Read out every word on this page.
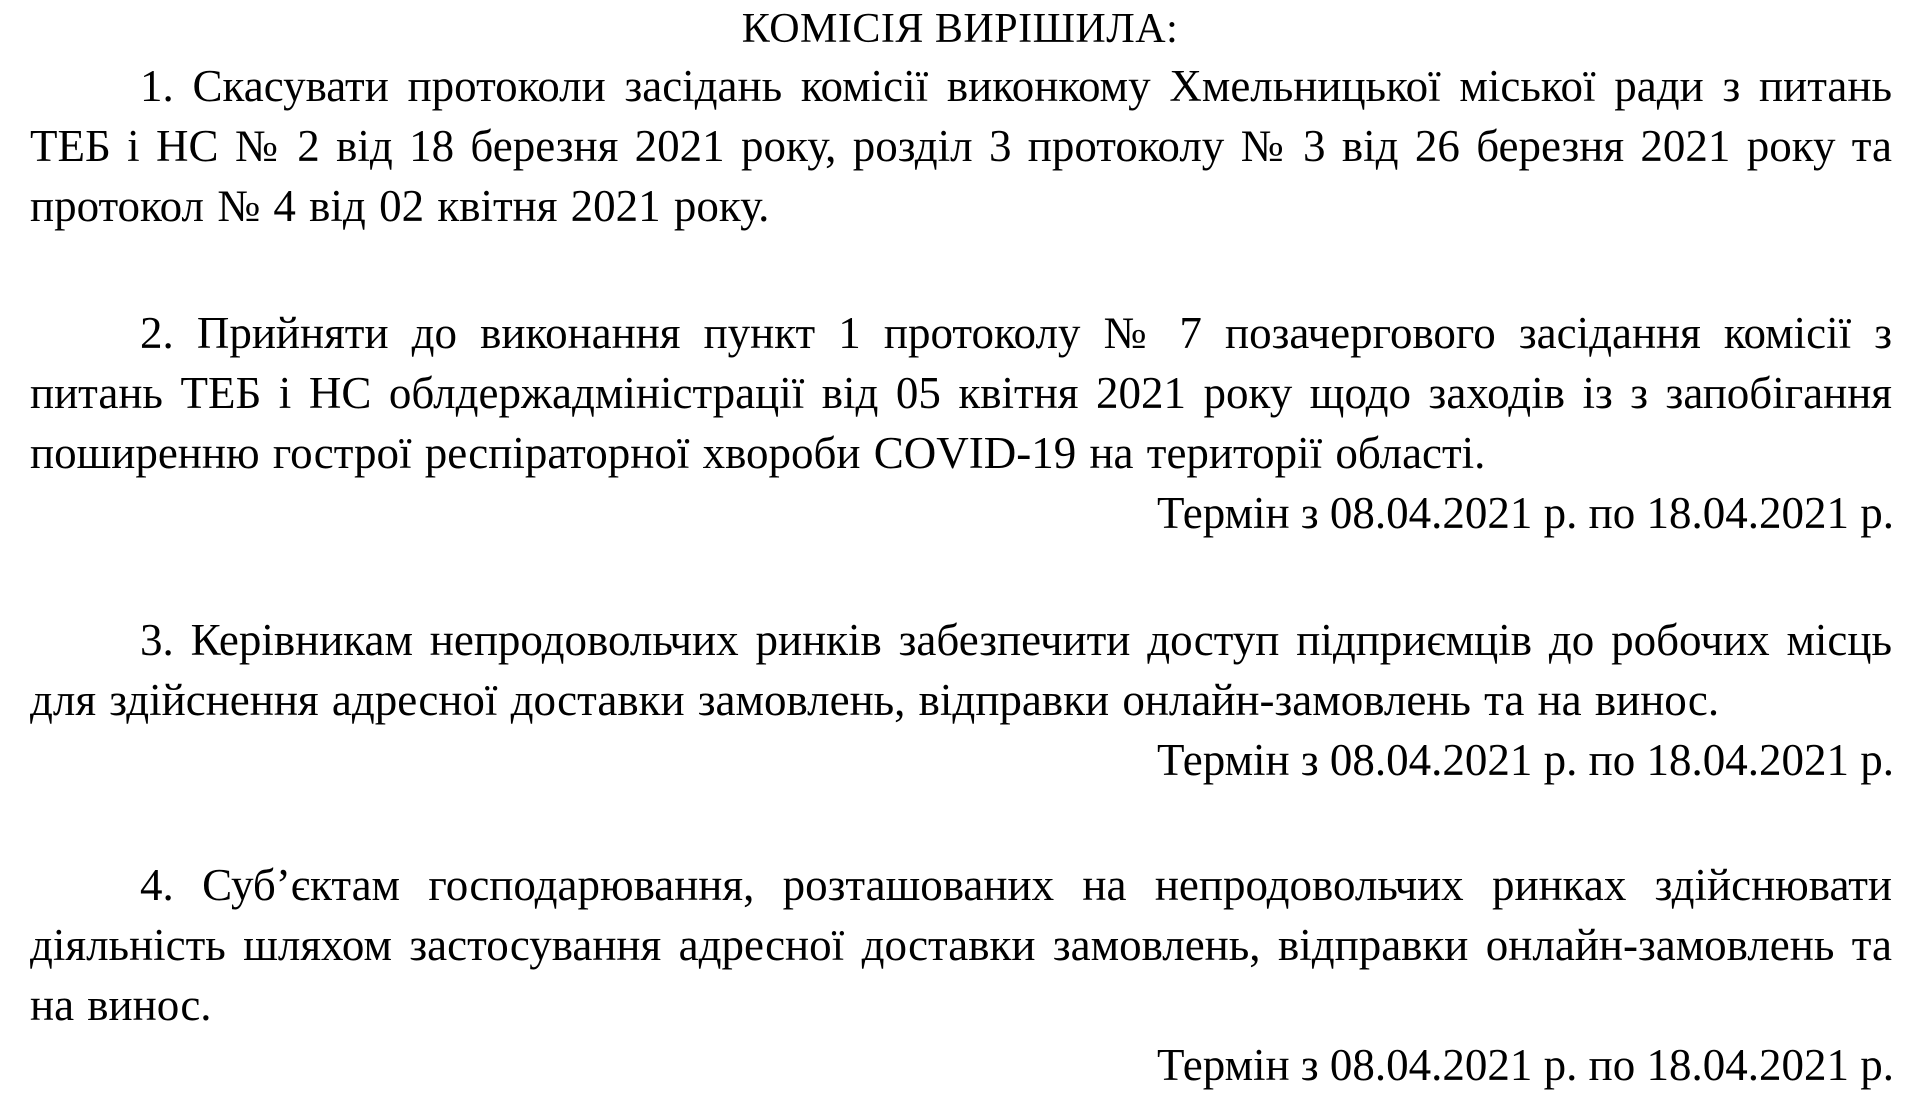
КОМІСІЯ ВИРІШИЛА:

1. Скасувати протоколи засідань комісії виконкому Хмельницької міської ради з питань ТЕБ і НС № 2 від 18 березня 2021 року, розділ 3 протоколу № 3 від 26 березня 2021 року та протокол № 4 від 02 квітня 2021 року.

2. Прийняти до виконання пункт 1 протоколу № 7 позачергового засідання комісії з питань ТЕБ і НС облдержадміністрації від 05 квітня 2021 року щодо заходів із з запобігання поширенню гострої респіраторної хвороби COVID-19 на території області.

Термін з 08.04.2021 р. по 18.04.2021 р.

3. Керівникам непродовольчих ринків забезпечити доступ підприємців до робочих місць для здійснення адресної доставки замовлень, відправки онлайн-замовлень та на винос.

Термін з 08.04.2021 р. по 18.04.2021 р.

4. Суб’єктам господарювання, розташованих на непродовольчих ринках здійснювати діяльність шляхом застосування адресної доставки замовлень, відправки онлайн-замовлень та на винос.

Термін з 08.04.2021 р. по 18.04.2021 р.
